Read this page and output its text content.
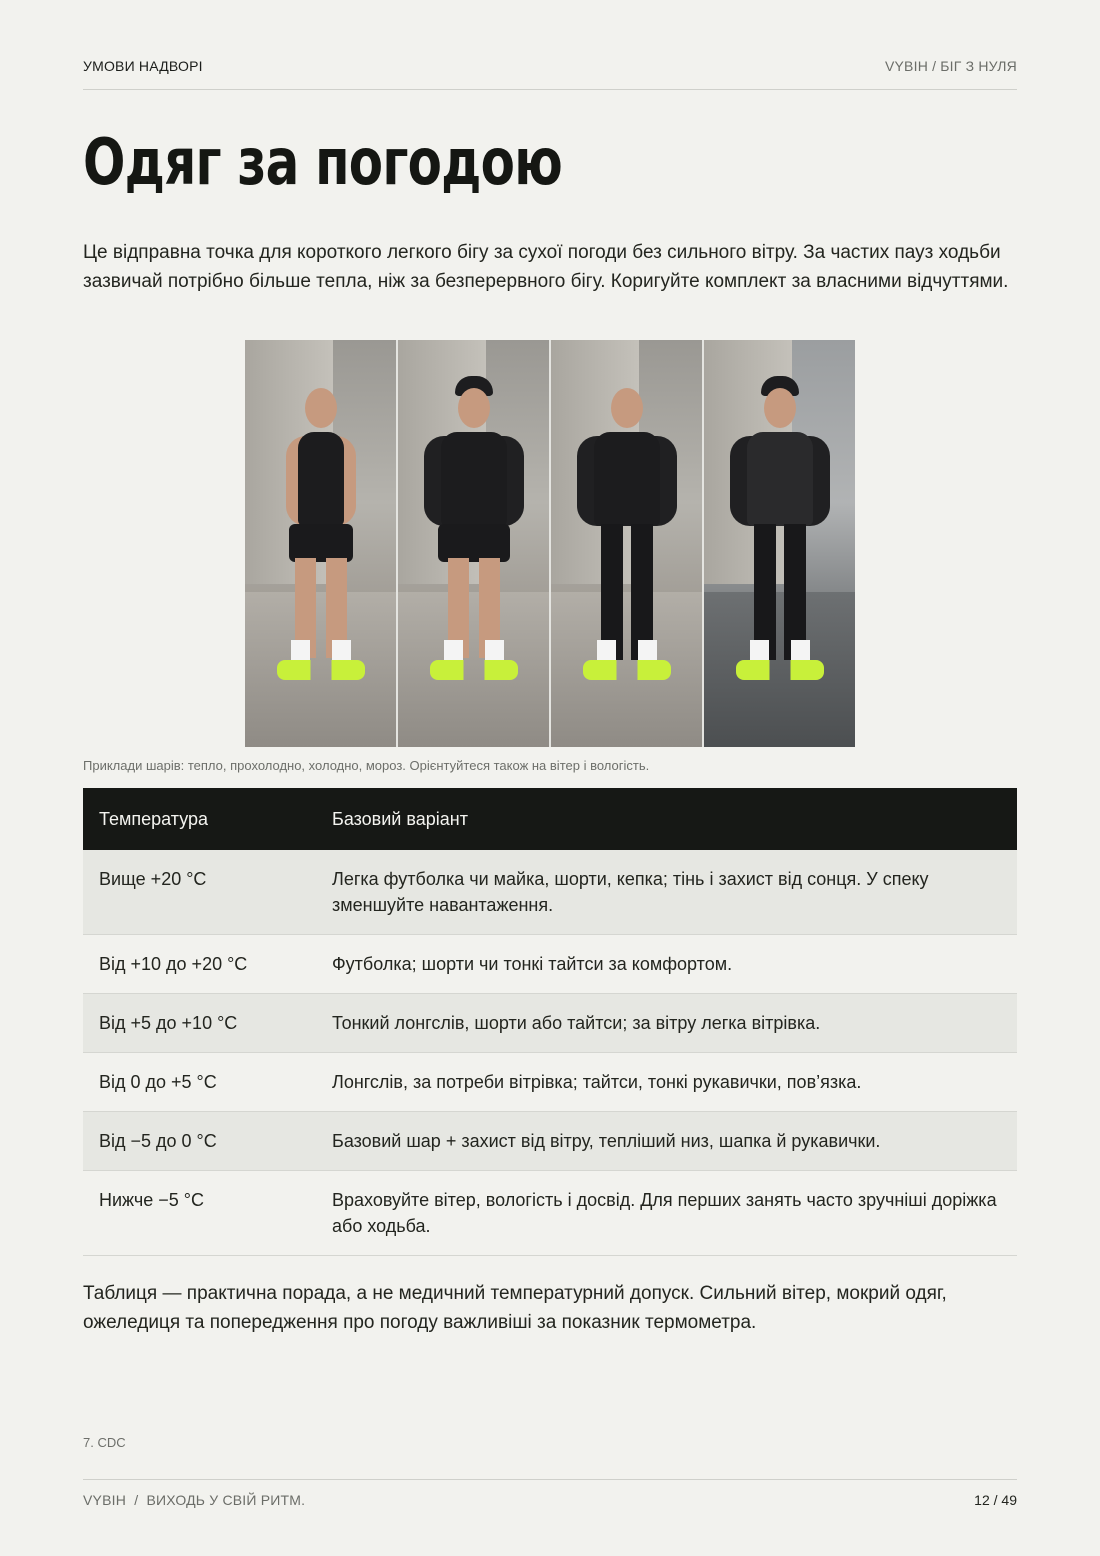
УМОВИ НАДВОРІ	VYBIH / БІГ З НУЛЯ
Одяг за погодою

Це відправна точка для короткого легкого бігу за сухої погоди без сильного вітру. За частих пауз ходьби зазвичай потрібно більше тепла, ніж за безперервного бігу. Коригуйте комплект за власними відчуттями.

Приклади шарів: тепло, прохолодно, холодно, мороз. Орієнтуйтеся також на вітер і вологість.

Температура	Базовий варіант
Вище +20 °C	Легка футболка чи майка, шорти, кепка; тінь і захист від сонця. У спеку зменшуйте навантаження.
Від +10 до +20 °C	Футболка; шорти чи тонкі тайтси за комфортом.
Від +5 до +10 °C	Тонкий лонгслів, шорти або тайтси; за вітру легка вітрівка.
Від 0 до +5 °C	Лонгслів, за потреби вітрівка; тайтси, тонкі рукавички, пов’язка.
Від −5 до 0 °C	Базовий шар + захист від вітру, тепліший низ, шапка й рукавички.
Нижче −5 °C	Враховуйте вітер, вологість і досвід. Для перших занять часто зручніші доріжка або ходьба.

Таблиця — практична порада, а не медичний температурний допуск. Сильний вітер, мокрий одяг, ожеледиця та попередження про погоду важливіші за показник термометра.

7. CDC

VYBIH  /  ВИХОДЬ У СВІЙ РИТМ.	12 / 49
